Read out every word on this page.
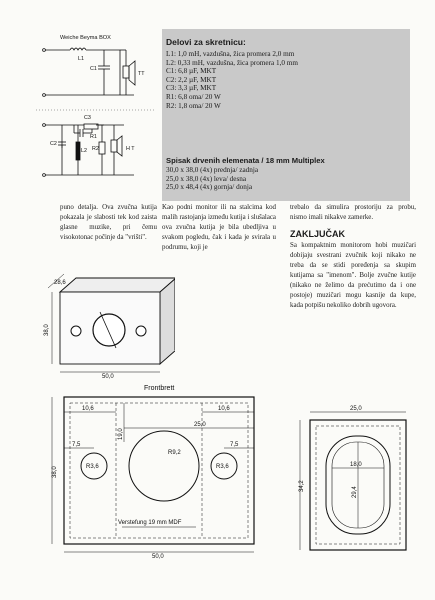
Weiche Beyma BOX
L1
C1
TT
C3
R1
C2
L2 R2	H T
Delovi za skretnicu:
L1: 1,0 mH, vazdušna, žica promera 2,0 mm
L2: 0,33 mH, vazdušna, žica promera 1,0 mm
C1: 6,8 µF, MKT
C2: 2,2 µF, MKT
C3: 3,3 µF, MKT
R1: 6,8 oma/ 20 W
R2: 1,8 oma/ 20 W
Spisak drvenih elemenata / 18 mm Multiplex
30,0 x 38,0 (4x) prednja/ zadnja
25,0 x 38,0 (4x) leva/ desna
25,0 x 48,4 (4x) gornja/ donja

puno detalja. Ova zvučna kutija pokazala je slabosti tek kod zaista glasne muzike, pri čemu visokotonac počinje da "vrišti".

Kao podni monitor ili na stalcima kod malih rastojanja između kutija i slušalaca ova zvučna kutija je bila ubedljiva u svakom pogledu, čak i kada je svirala u podrumu, koji je

trebalo da simulira prostoriju za probu, nismo imali nikakve zamerke.

ZAKLJUČAK

Sa kompaktnim monitorom hobi muzičari dobijaju svestrani zvučnik koji nikako ne treba da se stidi poređenja sa skupim kutijama sa "imenom". Bolje zvučne kutije (nikako ne želimo da prećutimo da i one postoje) muzičari mogu kasnije da kupe, kada potpišu nekoliko dobrih ugovora.

28,6
38,0
50,0
Frontbrett
10,6
19,0
25,0
10,6
7,5	7,5
38,0	R3,6
R9,2
R3,6
Verstefung 19 mm MDF
50,0
25,0
34,2
18,0
29,4
